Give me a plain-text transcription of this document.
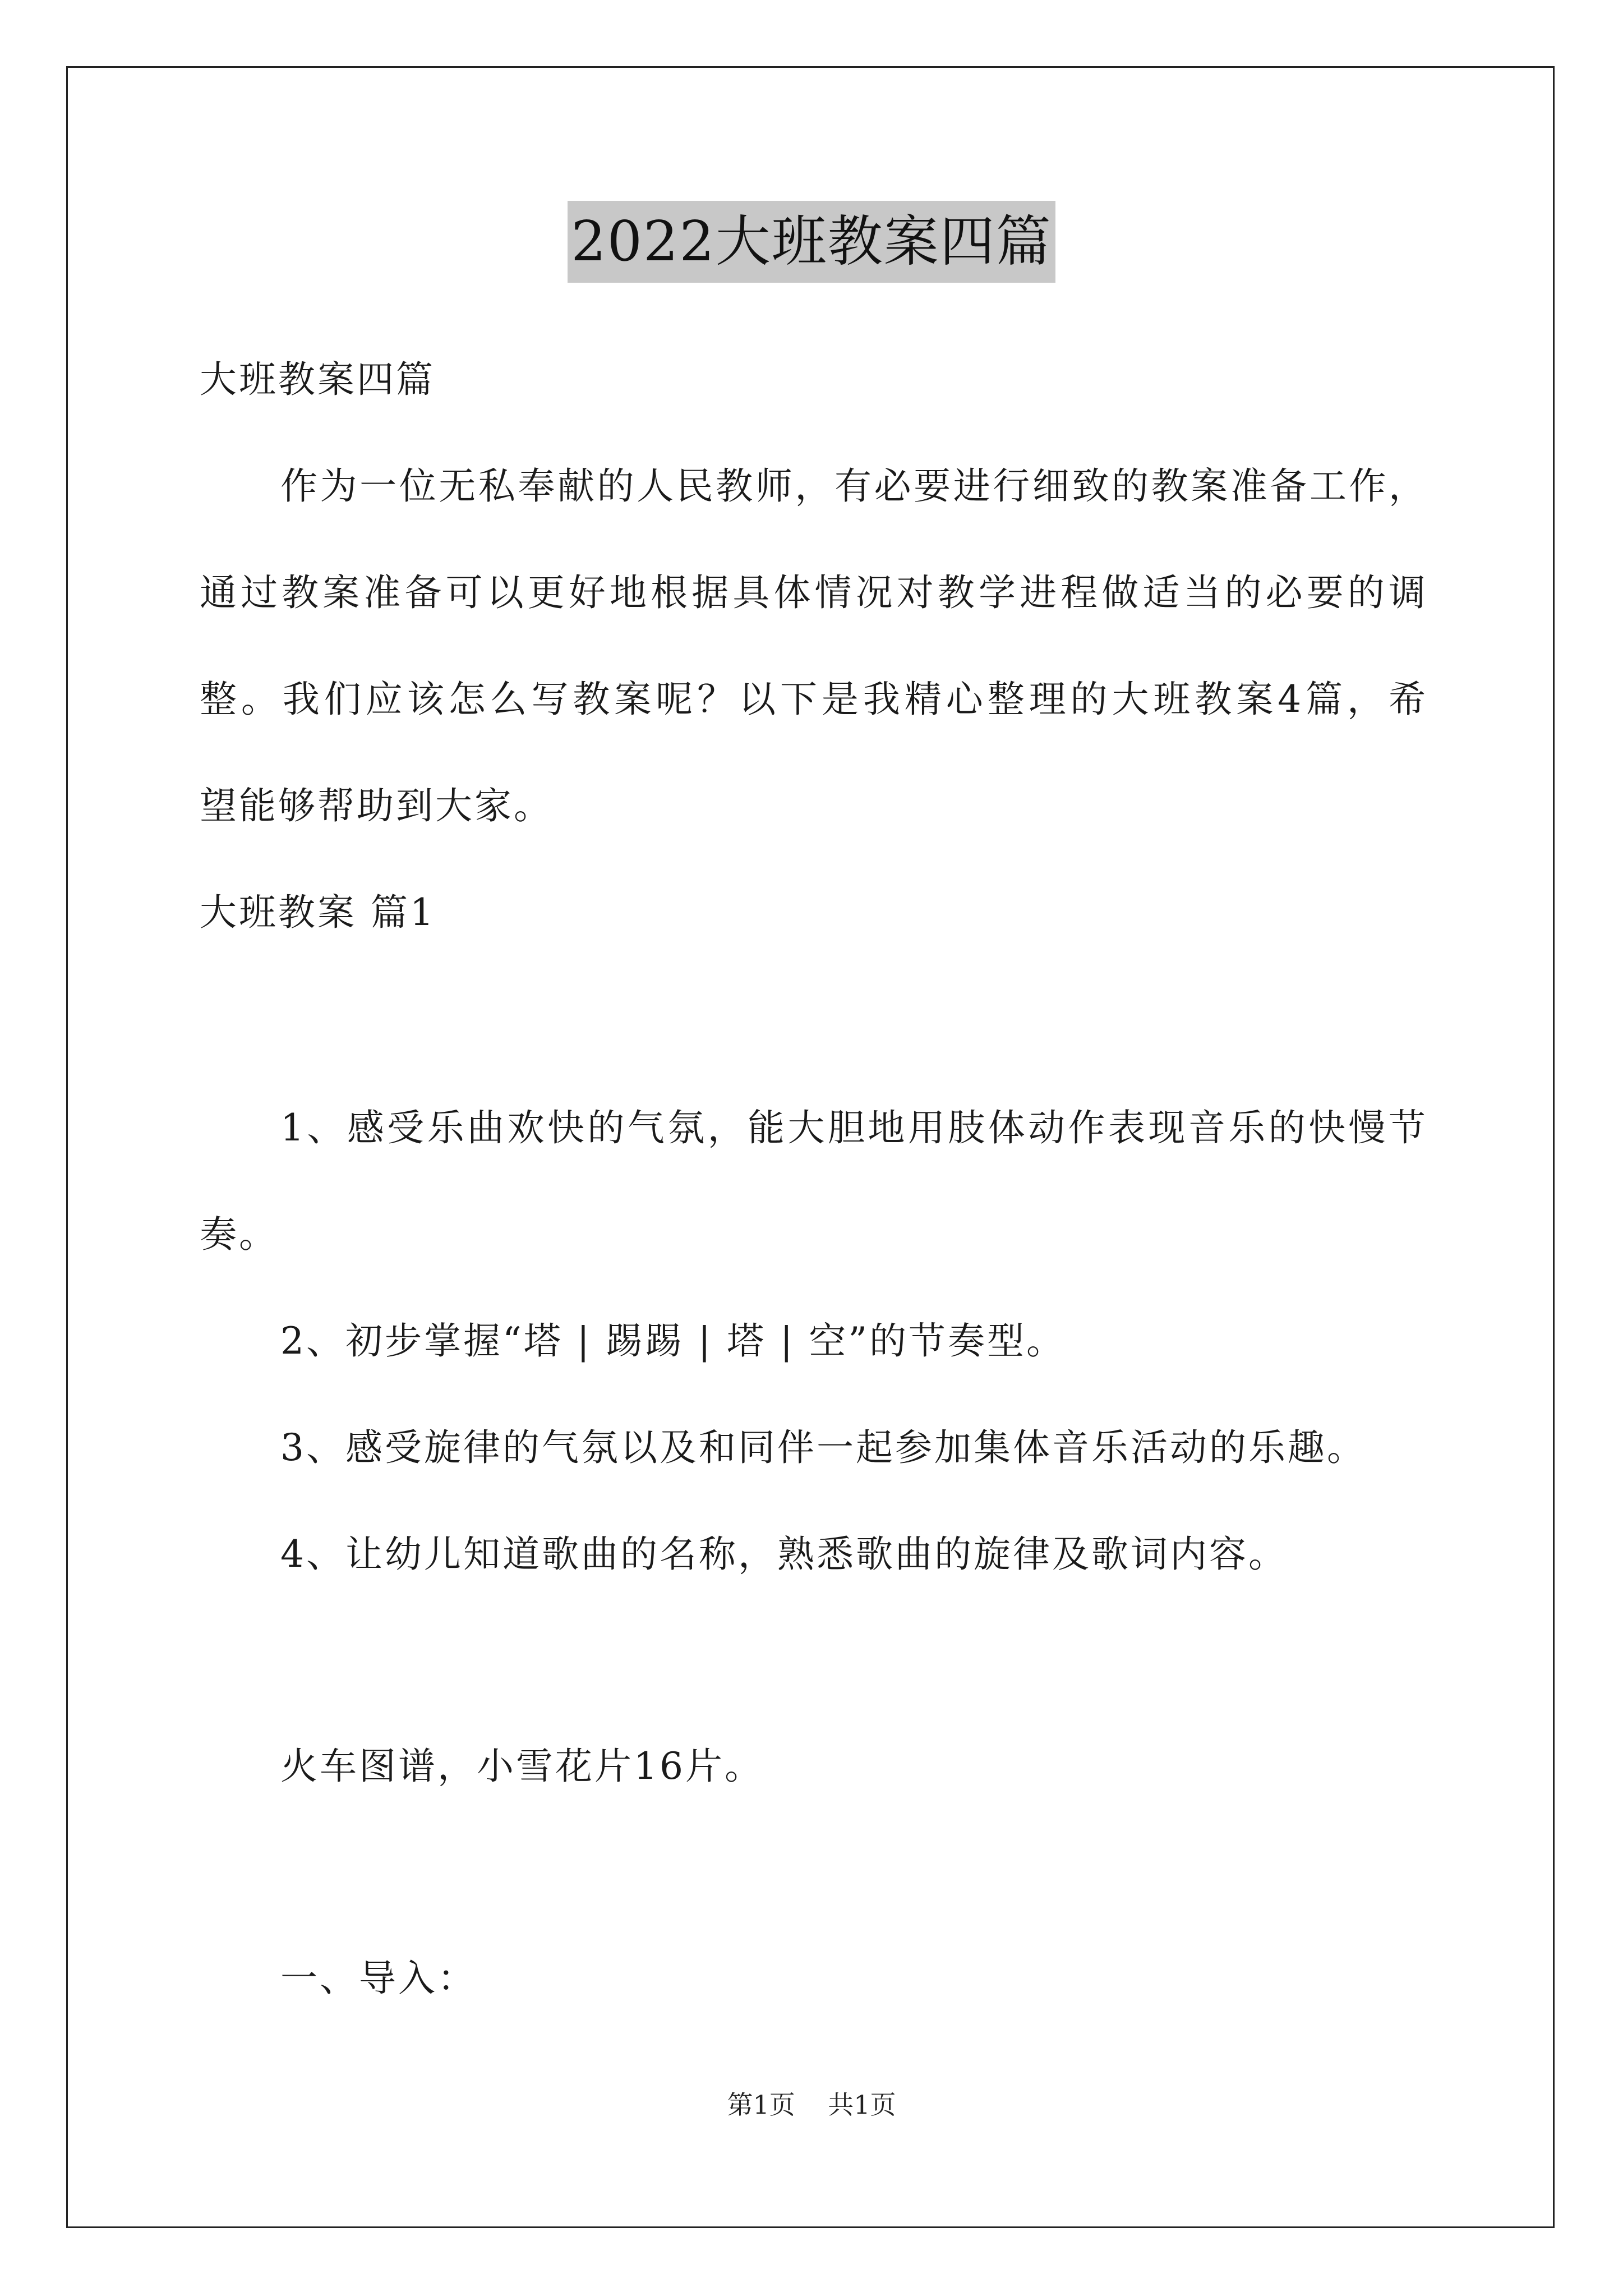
2022大班教案四篇
大班教案四篇
作为一位无私奉献的人民教师，有必要进行细致的教案准备工作，
通过教案准备可以更好地根据具体情况对教学进程做适当的必要的调
整。我们应该怎么写教案呢？以下是我精心整理的大班教案4篇，希
望能够帮助到大家。
大班教案 篇1
1、感受乐曲欢快的气氛，能大胆地用肢体动作表现音乐的快慢节
奏。
2、初步掌握“塔 | 踢踢 | 塔 | 空”的节奏型。
3、感受旋律的气氛以及和同伴一起参加集体音乐活动的乐趣。
4、让幼儿知道歌曲的名称，熟悉歌曲的旋律及歌词内容。
火车图谱，小雪花片16片。
一、导入：
第1页    共1页
